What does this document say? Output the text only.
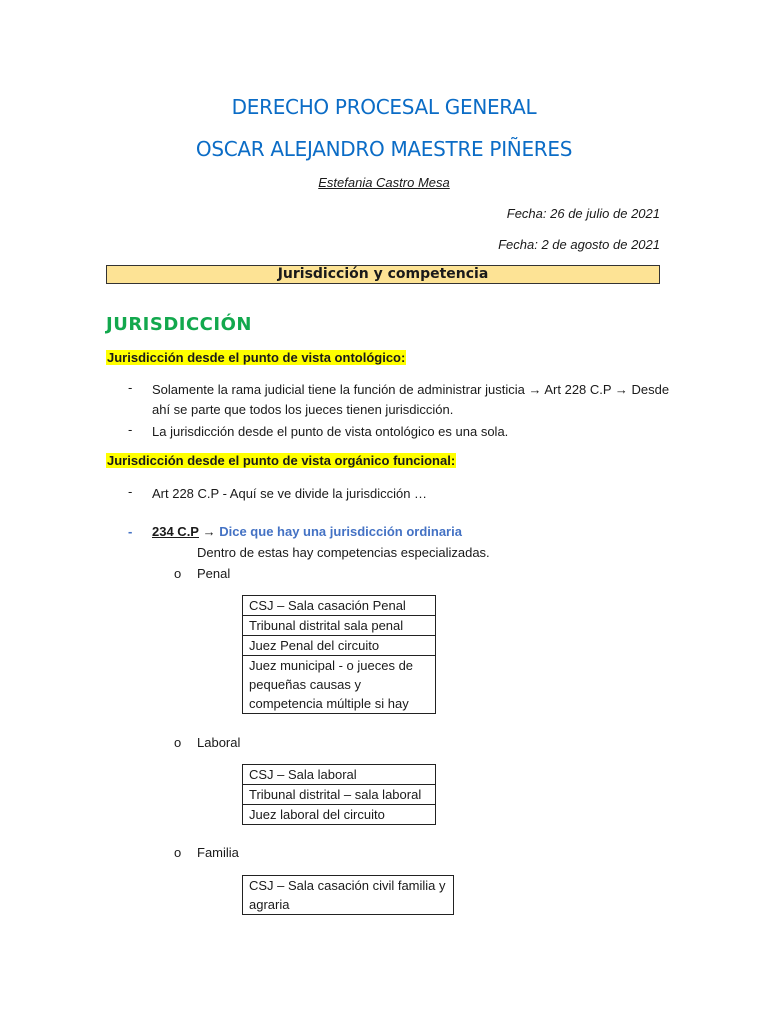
DERECHO PROCESAL GENERAL
OSCAR ALEJANDRO MAESTRE PIÑERES
Estefania Castro Mesa
Fecha: 26 de julio de 2021
Fecha: 2 de agosto de 2021
Jurisdicción y competencia
JURISDICCIÓN
Jurisdicción desde el punto de vista ontológico:
- Solamente la rama judicial tiene la función de administrar justicia → Art 228 C.P → Desde ahí se parte que todos los jueces tienen jurisdicción.
- La jurisdicción desde el punto de vista ontológico es una sola.
Jurisdicción desde el punto de vista orgánico funcional:
- Art 228 C.P - Aquí se ve divide la jurisdicción …
- 234 C.P → Dice que hay una jurisdicción ordinaria
Dentro de estas hay competencias especializadas.
o Penal
CSJ – Sala casación Penal
Tribunal distrital sala penal
Juez Penal del circuito
Juez municipal - o jueces de pequeñas causas y competencia múltiple si hay
o Laboral
CSJ – Sala laboral
Tribunal distrital – sala laboral
Juez laboral del circuito
o Familia
CSJ – Sala casación civil familia y agraria
